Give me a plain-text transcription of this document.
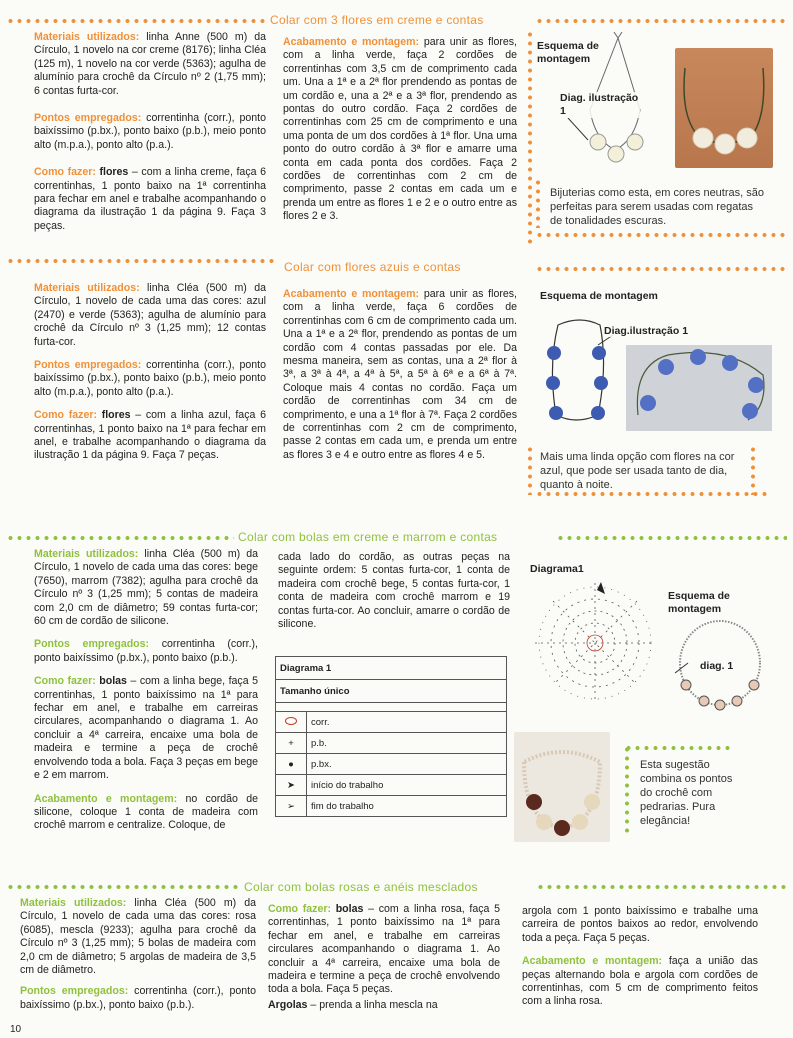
Colar com 3 flores em creme e contas

Materiais utilizados: linha Anne (500 m) da Círculo, 1 novelo na cor creme (8176); linha Cléa (125 m), 1 novelo na cor verde (5363); agulha de alumínio para crochê da Círculo nº 2 (1,75 mm); 6 contas furta-cor.

Pontos empregados: correntinha (corr.), ponto baixíssimo (p.bx.), ponto baixo (p.b.), meio ponto alto (m.p.a.), ponto alto (p.a.).

Como fazer: flores – com a linha creme, faça 6 correntinhas, 1 ponto baixo na 1ª correntinha para fechar em anel e trabalhe acompanhando o diagrama da ilustração 1 da página 9. Faça 3 peças.

Acabamento e montagem: para unir as flores, com a linha verde, faça 2 cordões de correntinhas com 3,5 cm de comprimento cada um. Una a 1ª e a 2ª flor prendendo as pontas de um cordão e, una a 2ª e a 3ª flor, prendendo as pontas do outro cordão. Faça 2 cordões de correntinhas com 25 cm de comprimento e una uma ponta de um dos cordões à 1ª flor. Una uma ponto do outro cordão à 3ª flor e amarre uma conta em cada ponta dos cordões. Faça 2 cordões de correntinhas com 2 cm de comprimento, passe 2 contas em cada um e prenda um entre as flores 1 e 2 e o outro entre as flores 2 e 3.

Esquema de montagem
Diag. ilustração 1
Bijuterias como esta, em cores neutras, são perfeitas para serem usadas com regatas de tonalidades escuras.
Colar com flores azuis e contas

Materiais utilizados: linha Cléa (500 m) da Círculo, 1 novelo de cada uma das cores: azul (2470) e verde (5363); agulha de alumínio para crochê da Círculo nº 3 (1,25 mm); 12 contas furta-cor.

Pontos empregados: correntinha (corr.), ponto baixíssimo (p.bx.), ponto baixo (p.b.), meio ponto alto (m.p.a.), ponto alto (p.a.).

Como fazer: flores – com a linha azul, faça 6 correntinhas, 1 ponto baixo na 1ª para fechar em anel, e trabalhe acompanhando o diagrama da ilustração 1 da página 9. Faça 7 peças.

Acabamento e montagem: para unir as flores, com a linha verde, faça 6 cordões de correntinhas com 6 cm de comprimento cada um. Una a 1ª e a 2ª flor, prendendo as pontas de um cordão com 4 contas passadas por ele. Da mesma maneira, sem as contas, una a 2ª flor à 3ª, a 3ª à 4ª, a 4ª à 5ª, a 5ª à 6ª e a 6ª à 7ª. Coloque mais 4 contas no cordão. Faça um cordão de correntinhas com 34 cm de comprimento, e una a 1ª flor à 7ª. Faça 2 cordões de correntinhas com 2 cm de comprimento, passe 2 contas em cada um, e prenda um entre as flores 3 e 4 e outro entre as flores 4 e 5.

Esquema de montagem
Diag.ilustração 1
Mais uma linda opção com flores na cor azul, que pode ser usada tanto de dia, quanto à noite.
Colar com bolas em creme e marrom e contas

Materiais utilizados: linha Cléa (500 m) da Círculo, 1 novelo de cada uma das cores: bege (7650), marrom (7382); agulha para crochê da Círculo nº 3 (1,25 mm); 5 contas de madeira com 2,0 cm de diâmetro; 59 contas furta-cor; 60 cm de cordão de silicone.

Pontos empregados: correntinha (corr.), ponto baixíssimo (p.bx.), ponto baixo (p.b.).

Como fazer: bolas – com a linha bege, faça 5 correntinhas, 1 ponto baixíssimo na 1ª para fechar em anel, e trabalhe em carreiras circulares, acompanhando o diagrama 1. Ao concluir a 4ª carreira, encaixe uma bola de madeira e termine a peça de crochê envolvendo toda a bola. Faça 3 peças em bege e 2 em marrom.

Acabamento e montagem: no cordão de silicone, coloque 1 conta de madeira com crochê marrom e centralize. Coloque, de

cada lado do cordão, as outras peças na seguinte ordem: 5 contas furta-cor, 1 conta de madeira com crochê bege, 5 contas furta-cor, 1 conta de madeira com crochê marrom e 19 contas furta-cor. Ao concluir, amarre o cordão de silicone.

Diagrama 1	
Tamanho único	

	corr.
+	p.b.
●	p.bx.
➤	início do trabalho
➢	fim do trabalho
Diagrama1
Esquema de montagem
diag. 1
Esta sugestão combina os pontos do crochê com pedrarias. Pura elegância!
Colar com bolas rosas e anéis mesclados

Materiais utilizados: linha Cléa (500 m) da Círculo, 1 novelo de cada uma das cores: rosa (6085), mescla (9233); agulha para crochê da Círculo nº 3 (1,25 mm); 5 bolas de madeira com 2,0 cm de diâmetro; 5 argolas de madeira de 3,5 cm de diâmetro.

Pontos empregados: correntinha (corr.), ponto baixíssimo (p.bx.), ponto baixo (p.b.).

Como fazer: bolas – com a linha rosa, faça 5 correntinhas, 1 ponto baixíssimo na 1ª para fechar em anel, e trabalhe em carreiras circulares acompanhando o diagrama 1. Ao concluir a 4ª carreira, encaixe uma bola de madeira e termine a peça de crochê envolvendo toda a bola. Faça 5 peças.

Argolas – prenda a linha mescla na

argola com 1 ponto baixíssimo e trabalhe uma carreira de pontos baixos ao redor, envolvendo toda a peça. Faça 5 peças.

Acabamento e montagem: faça a união das peças alternando bola e argola com cordões de correntinhas, com 5 cm de comprimento feitos com a linha rosa.

10
